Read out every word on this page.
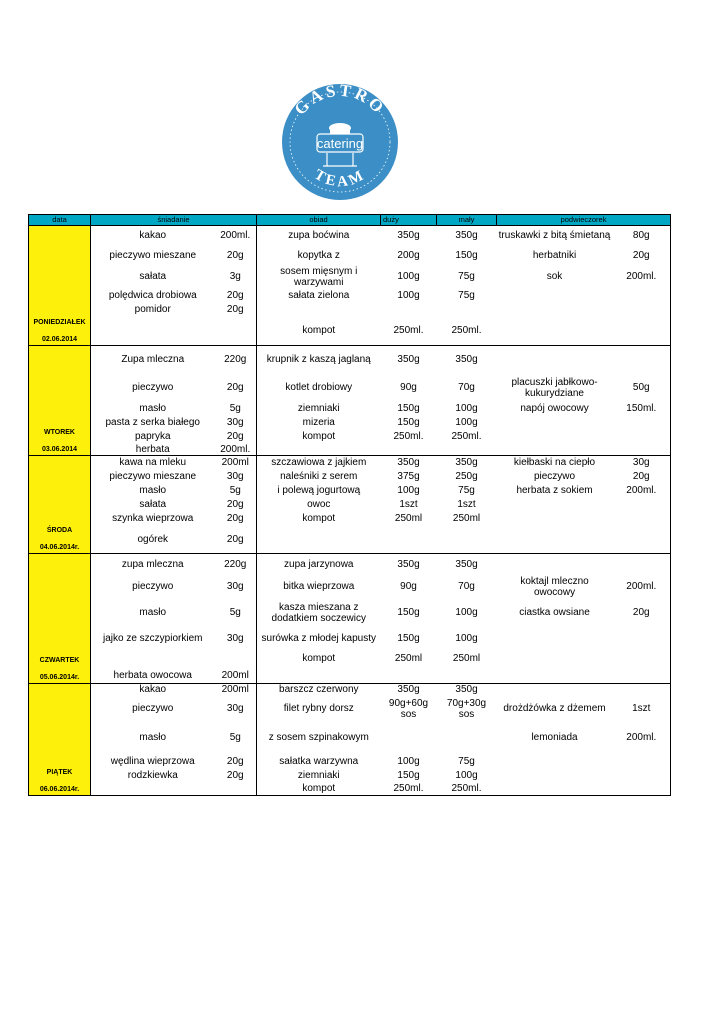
GASTRO
catering
TEAM
data	śniadanie		obiad	duży	mały	podwieczorek	

PONIEDZIAŁEK
02.06.2014	kakao	200ml.	zupa boćwina	350g	350g	truskawki z bitą śmietaną	80g
	pieczywo mieszane	20g	kopytka z	200g	150g	herbatniki	20g
	sałata	3g	sosem mięsnym i warzywami	100g	75g	sok	200ml.
	polędwica drobiowa	20g	sałata zielona	100g	75g		
	pomidor	20g					
			kompot	250ml.	250ml.		

WTOREK
03.06.2014	Zupa mleczna	220g	krupnik z kaszą jaglaną	350g	350g		
	pieczywo	20g	kotlet drobiowy	90g	70g	placuszki jabłkowo-kukurydziane	50g
	masło	5g	ziemniaki	150g	100g	napój owocowy	150ml.
	pasta z serka białego	30g	mizeria	150g	100g		
	papryka	20g	kompot	250ml.	250ml.		
	herbata	200ml.					

ŚRODA
04.06.2014r.	kawa na mleku	200ml	szczawiowa z jajkiem	350g	350g	kiełbaski na ciepło	30g
	pieczywo mieszane	30g	naleśniki z serem	375g	250g	pieczywo	20g
	masło	5g	i polewą jogurtową	100g	75g	herbata z sokiem	200ml.
	sałata	20g	owoc	1szt	1szt		
	szynka wieprzowa	20g	kompot	250ml	250ml		
	ogórek	20g					

CZWARTEK
05.06.2014r.	zupa mleczna	220g	zupa jarzynowa	350g	350g		
	pieczywo	30g	bitka wieprzowa	90g	70g	koktajl mleczno owocowy	200ml.
	masło	5g	kasza mieszana z dodatkiem soczewicy	150g	100g	ciastka owsiane	20g
	jajko ze szczypiorkiem	30g	surówka z młodej kapusty	150g	100g		
			kompot	250ml	250ml		
	herbata owocowa	200ml					

PIĄTEK
06.06.2014r.	kakao	200ml	barszcz czerwony	350g	350g		
	pieczywo	30g	filet rybny dorsz	90g+60g sos	70g+30g sos	drożdżówka z dżemem	1szt
	masło	5g	z sosem szpinakowym			lemoniada	200ml.
	wędlina wieprzowa	20g	sałatka warzywna	100g	75g		
	rodzkiewka	20g	ziemniaki	150g	100g		
			kompot	250ml.	250ml.		
